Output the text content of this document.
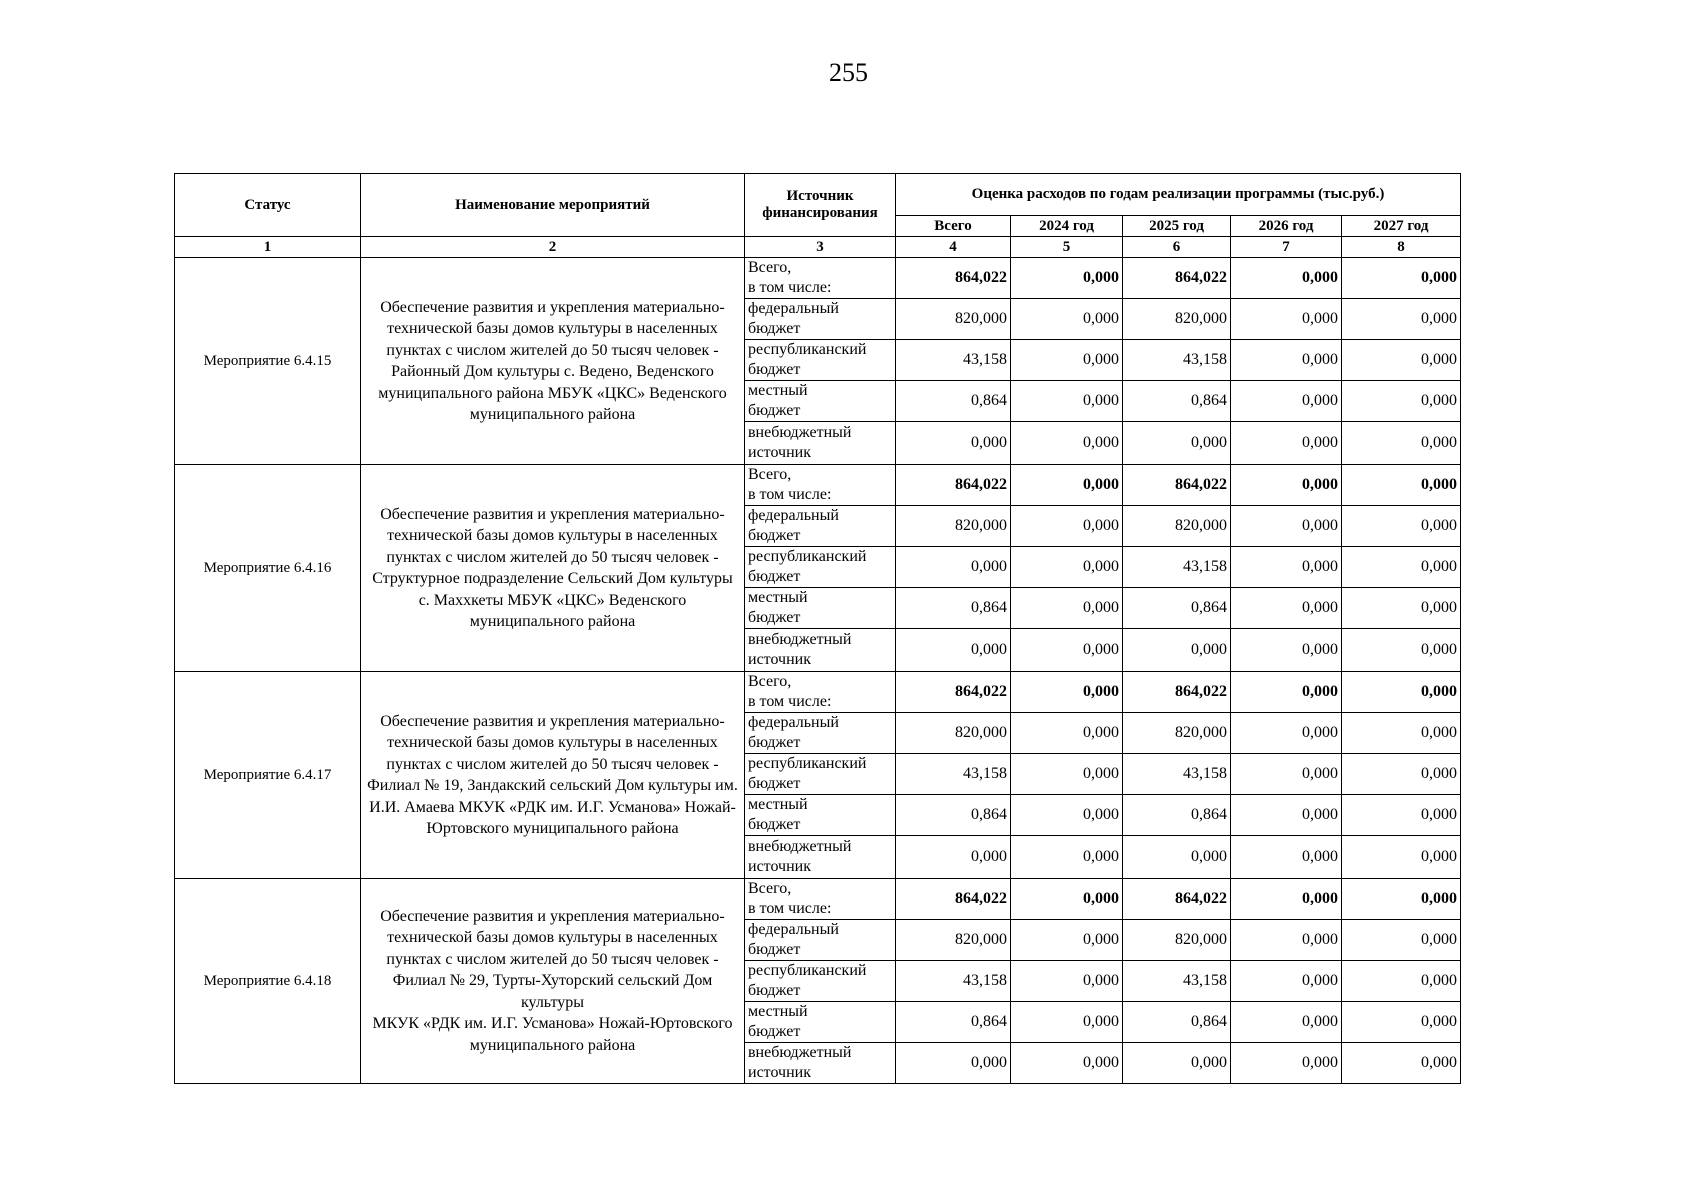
255
Статус	Наименование мероприятий	Источник финансирования	Оценка расходов по годам реализации программы (тыс.руб.)				
			Всего	2024 год	2025 год	2026 год	2027 год
1	2	3	4	5	6	7	8
Мероприятие 6.4.15	Обеспечение развития и укрепления материально-технической базы домов культуры в населенных пунктах с числом жителей до 50 тысяч человек - Районный Дом культуры с. Ведено, Веденского муниципального района МБУК «ЦКС» Веденского муниципального района	Всего,
в том числе:	864,022	0,000	864,022	0,000	0,000
		федеральный
бюджет	820,000	0,000	820,000	0,000	0,000
		республиканский
бюджет	43,158	0,000	43,158	0,000	0,000
		местный
бюджет	0,864	0,000	0,864	0,000	0,000
		внебюджетный
источник	0,000	0,000	0,000	0,000	0,000
Мероприятие 6.4.16	Обеспечение развития и укрепления материально-технической базы домов культуры в населенных пунктах с числом жителей до 50 тысяч человек - Структурное подразделение Сельский Дом культуры
с. Маххкеты МБУК «ЦКС» Веденского муниципального района	Всего,
в том числе:	864,022	0,000	864,022	0,000	0,000
		федеральный
бюджет	820,000	0,000	820,000	0,000	0,000
		республиканский
бюджет	0,000	0,000	43,158	0,000	0,000
		местный
бюджет	0,864	0,000	0,864	0,000	0,000
		внебюджетный
источник	0,000	0,000	0,000	0,000	0,000
Мероприятие 6.4.17	Обеспечение развития и укрепления материально-технической базы домов культуры в населенных пунктах с числом жителей до 50 тысяч человек - Филиал № 19, Зандакский сельский Дом культуры им. И.И. Амаева МКУК «РДК им. И.Г. Усманова» Ножай-Юртовского муниципального района	Всего,
в том числе:	864,022	0,000	864,022	0,000	0,000
		федеральный
бюджет	820,000	0,000	820,000	0,000	0,000
		республиканский
бюджет	43,158	0,000	43,158	0,000	0,000
		местный
бюджет	0,864	0,000	0,864	0,000	0,000
		внебюджетный
источник	0,000	0,000	0,000	0,000	0,000
Мероприятие 6.4.18	Обеспечение развития и укрепления материально-технической базы домов культуры в населенных пунктах с числом жителей до 50 тысяч человек - Филиал № 29, Турты-Хуторский сельский Дом культуры
МКУК «РДК им. И.Г. Усманова» Ножай-Юртовского муниципального района	Всего,
в том числе:	864,022	0,000	864,022	0,000	0,000
		федеральный
бюджет	820,000	0,000	820,000	0,000	0,000
		республиканский
бюджет	43,158	0,000	43,158	0,000	0,000
		местный
бюджет	0,864	0,000	0,864	0,000	0,000
		внебюджетный
источник	0,000	0,000	0,000	0,000	0,000
